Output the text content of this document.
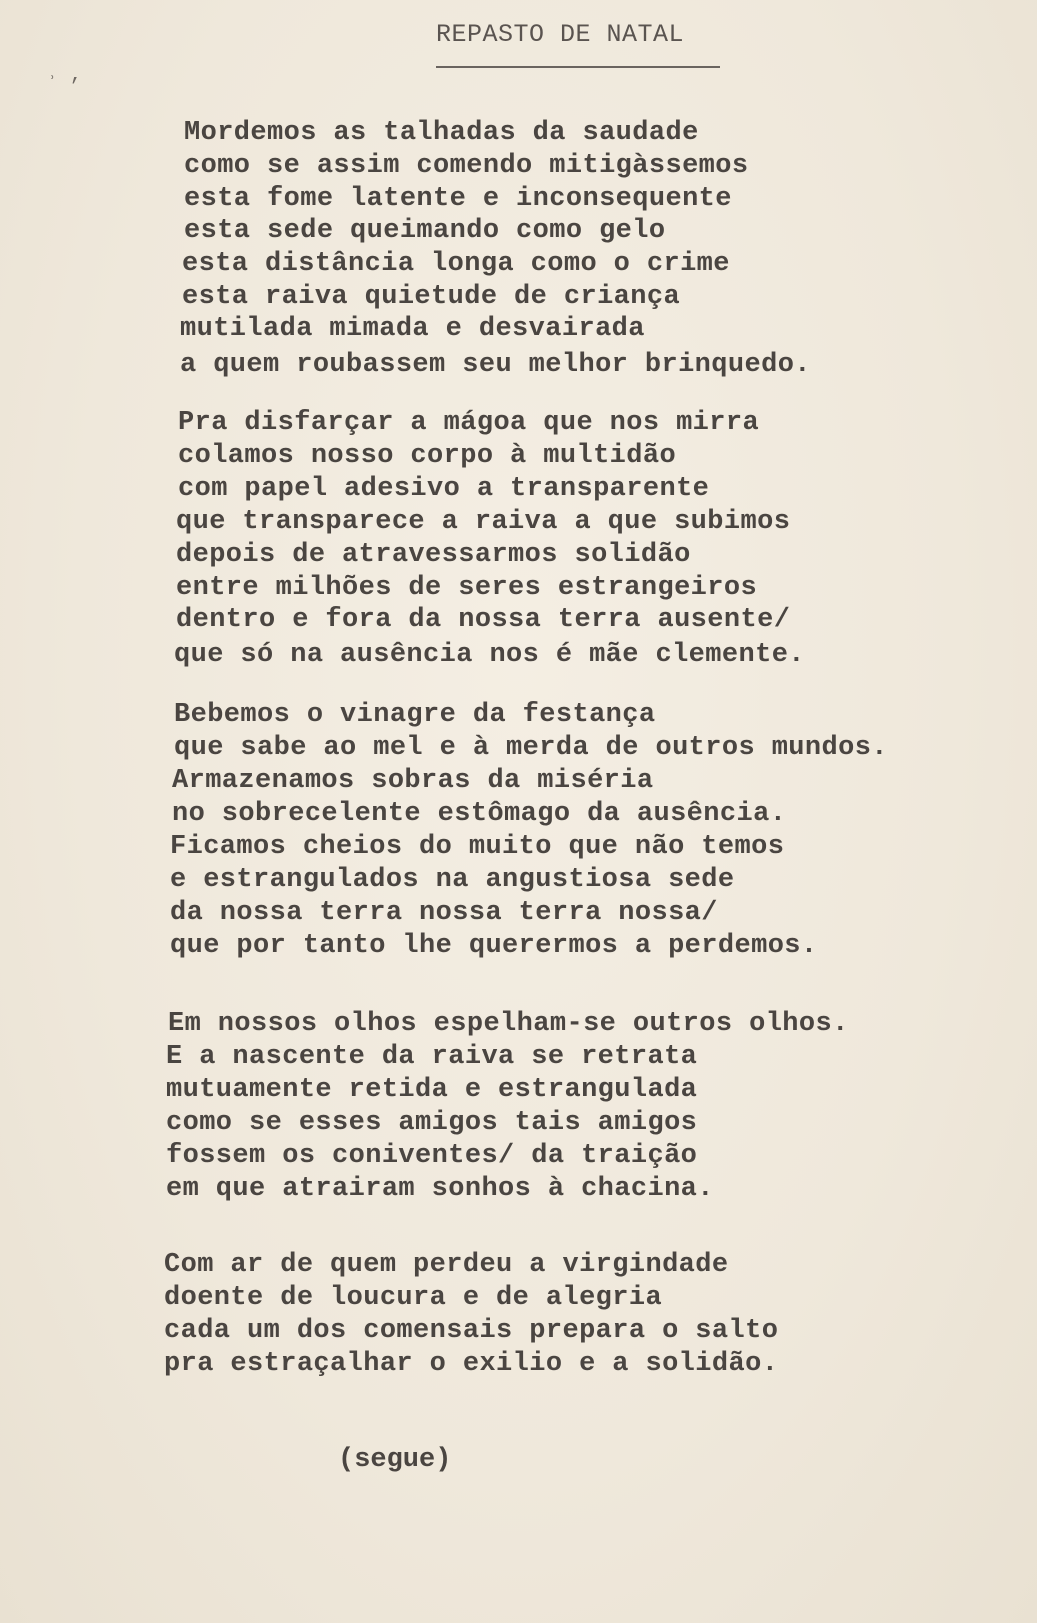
˒ ,
REPASTO DE NATAL
Mordemos as talhadas da saudade
como se assim comendo mitigàssemos
esta fome latente e inconsequente
esta sede queimando como gelo
esta distância longa como o crime
esta raiva quietude de criança
mutilada mimada e desvairada
a quem roubassem seu melhor brinquedo.
Pra disfarçar a mágoa que nos mirra
colamos nosso corpo à multidão
com papel adesivo a transparente
que transparece a raiva a que subimos
depois de atravessarmos solidão
entre milhões de seres estrangeiros
dentro e fora da nossa terra ausente/
que só na ausência nos é mãe clemente.
Bebemos o vinagre da festança
que sabe ao mel e à merda de outros mundos.
Armazenamos sobras da miséria
no sobrecelente estômago da ausência.
Ficamos cheios do muito que não temos
e estrangulados na angustiosa sede
da nossa terra nossa terra nossa/
que por tanto lhe querermos a perdemos.
Em nossos olhos espelham-se outros olhos.
E a nascente da raiva se retrata
mutuamente retida e estrangulada
como se esses amigos tais amigos
fossem os coniventes/ da traição
em que atrairam sonhos à chacina.
Com ar de quem perdeu a virgindade
doente de loucura e de alegria
cada um dos comensais prepara o salto
pra estraçalhar o exilio e a solidão.
(segue)
